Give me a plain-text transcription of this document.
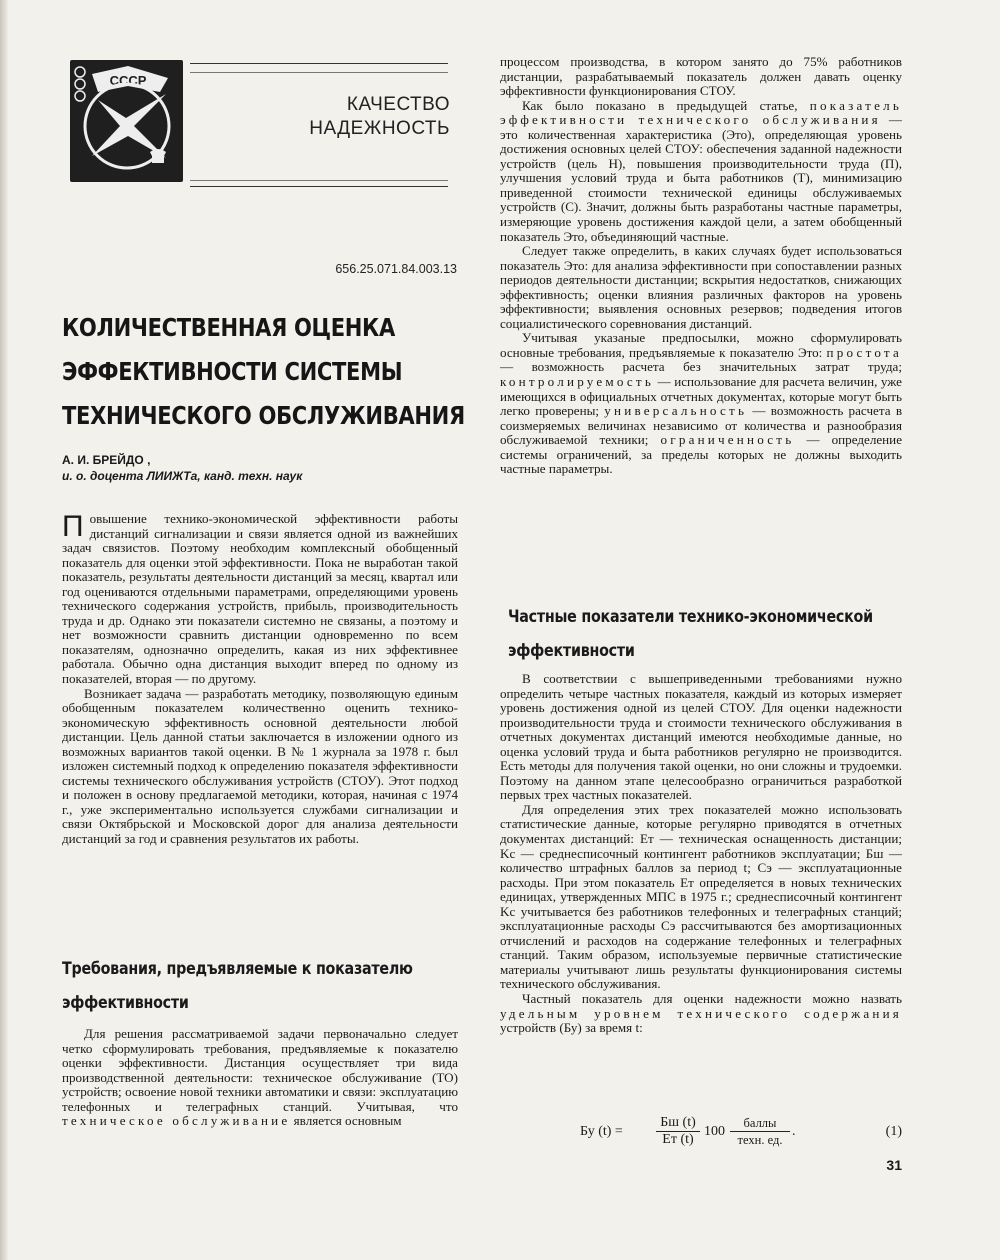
СССР
КАЧЕСТВО
НАДЕЖНОСТЬ
656.25.071.84.003.13
КОЛИЧЕСТВЕННАЯ ОЦЕНКА
ЭФФЕКТИВНОСТИ СИСТЕМЫ
ТЕХНИЧЕСКОГО ОБСЛУЖИВАНИЯ
А. И. БРЕЙДО ,
и. о. доцента ЛИИЖТа, канд. техн. наук

Повышение технико-экономической эффективности работы дистанций сигнализации и связи является одной из важнейших задач связистов. Поэтому необходим комплексный обобщенный показатель для оценки этой эффективности. Пока не выработан такой показатель, результаты деятельности дистанций за месяц, квартал или год оцениваются отдельными параметрами, определяющими уровень технического содержания устройств, прибыль, производительность труда и др. Однако эти показатели системно не связаны, а поэтому и нет возможности сравнить дистанции одновременно по всем показателям, однозначно определить, какая из них эффективнее работала. Обычно одна дистанция выходит вперед по одному из показателей, вторая — по другому.

Возникает задача — разработать методику, позволяющую единым обобщенным показателем количественно оценить технико-экономическую эффективность основной деятельности любой дистанции. Цель данной статьи заключается в изложении одного из возможных вариантов такой оценки. В № 1 журнала за 1978 г. был изложен системный подход к определению показателя эффективности системы технического обслуживания устройств (СТОУ). Этот подход и положен в основу предлагаемой методики, которая, начиная с 1974 г., уже экспериментально используется службами сигнализации и связи Октябрьской и Московской дорог для анализа деятельности дистанций за год и сравнения результатов их работы.

Требования, предъявляемые к показателю
эффективности

Для решения рассматриваемой задачи первоначально следует четко сформулировать требования, предъявляемые к показателю оценки эффективности. Дистанция осуществляет три вида производственной деятельности: техническое обслуживание (ТО) устройств; освоение новой техники автоматики и связи: эксплуатацию телефонных и телеграфных станций. Учитывая, что техническое обслуживание является основным

процессом производства, в котором занято до 75% работников дистанции, разрабатываемый показатель должен давать оценку эффективности функционирования СТОУ.

Как было показано в предыдущей статье, показатель эффективности технического обслуживания — это количественная характеристика (Это), определяющая уровень достижения основных целей СТОУ: обеспечения заданной надежности устройств (цель Н), повышения производительности труда (П), улучшения условий труда и быта работников (Т), минимизацию приведенной стоимости технической единицы обслуживаемых устройств (С). Значит, должны быть разработаны частные параметры, измеряющие уровень достижения каждой цели, а затем обобщенный показатель Это, объединяющий частные.

Следует также определить, в каких случаях будет использоваться показатель Это: для анализа эффективности при сопоставлении разных периодов деятельности дистанции; вскрытия недостатков, снижающих эффективность; оценки влияния различных факторов на уровень эффективности; выявления основных резервов; подведения итогов социалистического соревнования дистанций.

Учитывая указаные предпосылки, можно сформулировать основные требования, предъявляемые к показателю Это: простота — возможность расчета без значительных затрат труда; контролируемость — использование для расчета величин, уже имеющихся в официальных отчетных документах, которые могут быть легко проверены; универсальность — возможность расчета в соизмеряемых величинах независимо от количества и разнообразия обслуживаемой техники; ограниченность — определение системы ограничений, за пределы которых не должны выходить частные параметры.

Частные показатели технико-экономической
эффективности

В соответствии с вышеприведенными требованиями нужно определить четыре частных показателя, каждый из которых измеряет уровень достижения одной из целей СТОУ. Для оценки надежности производительности труда и стоимости технического обслуживания в отчетных документах дистанций имеются необходимые данные, но оценка условий труда и быта работников регулярно не производится. Есть методы для получения такой оценки, но они сложны и трудоемки. Поэтому на данном этапе целесообразно ограничиться разработкой первых трех частных показателей.

Для определения этих трех показателей можно использовать статистические данные, которые регулярно приводятся в отчетных документах дистанций: Eт — техническая оснащенность дистанции; Kс — среднесписочный контингент работников эксплуатации; Бш — количество штрафных баллов за период t; Cэ — эксплуатационные расходы. При этом показатель Eт определяется в новых технических единицах, утвержденных МПС в 1975 г.; среднесписочный контингент Kс учитывается без работников телефонных и телеграфных станций; эксплуатационные расходы Cэ рассчитываются без амортизационных отчислений и расходов на содержание телефонных и телеграфных станций. Таким образом, используемые первичные статистические материалы учитывают лишь результаты функционирования системы технического обслуживания.

Частный показатель для оценки надежности можно назвать удельным уровнем технического содержания устройств (Бу) за время t:

Бу (t) =
Бш (t)
Eт (t)
100
баллы
техн. ед.
.	(1)
31
